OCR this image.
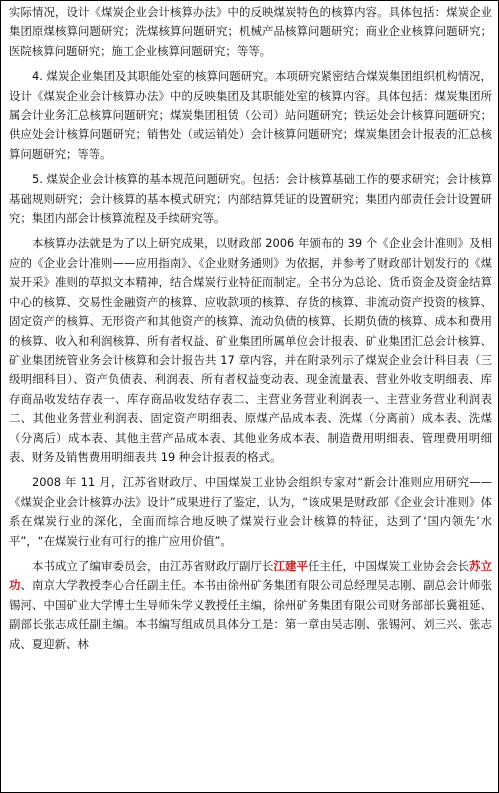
实际情况，设计《煤炭企业会计核算办法》中的反映煤炭特色的核算内容。具体包括：煤炭企业集团原煤核算问题研究；洗煤核算问题研究；机械产品核算问题研究；商业企业核算问题研究；医院核算问题研究；施工企业核算问题研究；等等。

4. 煤炭企业集团及其职能处室的核算问题研究。本项研究紧密结合煤炭集团组织机构情况，设计《煤炭企业会计核算办法》中的反映集团及其职能处室的核算内容。具体包括：煤炭集团所属会计业务汇总核算问题研究；煤炭集团租赁（公司）站问题研究；铁运处会计核算问题研究；供应处会计核算问题研究；销售处（或运销处）会计核算问题研究；煤炭集团会计报表的汇总核算问题研究；等等。

5. 煤炭企业会计核算的基本规范问题研究。包括：会计核算基础工作的要求研究；会计核算基础规则研究；会计核算的基本模式研究；内部结算凭证的设置研究；集团内部责任会计设置研究；集团内部会计核算流程及手续研究等。

本核算办法就是为了以上研究成果，以财政部 2006 年颁布的 39 个《企业会计准则》及相应的《企业会计准则——应用指南》、《企业财务通则》为依据，并参考了财政部计划发行的《煤炭开采》准则的草拟文本精神，结合煤炭行业特征而制定。全书分为总论、货币资金及资金结算中心的核算、交易性金融资产的核算、应收款项的核算、存货的核算、非流动资产投资的核算、固定资产的核算、无形资产和其他资产的核算、流动负债的核算、长期负债的核算、成本和费用的核算、收入和利润核算、所有者权益、矿业集团所属单位会计报表、矿业集团汇总会计核算、矿业集团统管业务会计核算和会计报告共 17 章内容，并在附录列示了煤炭企业会计科目表（三级明细科目）、资产负债表、利润表、所有者权益变动表、现金流量表、营业外收支明细表、库存商品收发结存表一、库存商品收发结存表二、主营业务营业利润表一、主营业务营业利润表二、其他业务营业利润表、固定资产明细表、原煤产品成本表、洗煤（分离前）成本表、洗煤（分离后）成本表、其他主营产品成本表、其他业务成本表、制造费用明细表、管理费用明细表、财务及销售费用明细表共 19 种会计报表的格式。

2008 年 11 月，江苏省财政厅、中国煤炭工业协会组织专家对“新会计准则应用研究——《煤炭企业会计核算办法》设计”成果进行了鉴定，认为，“该成果是财政部《企业会计准则》体系在煤炭行业的深化，全面而综合地反映了煤炭行业会计核算的特征，达到了‘国内领先’水平”，“在煤炭行业有可行的推广应用价值”。

本书成立了编审委员会，由江苏省财政厅副厅长江建平任主任，中国煤炭工业协会会长苏立功、南京大学教授李心合任副主任。本书由徐州矿务集团有限公司总经理吴志刚、副总会计师张锡河、中国矿业大学博士生导师朱学义教授任主编，徐州矿务集团有限公司财务部部长冀祖延、副部长张志成任副主编。本书编写组成员具体分工是：第一章由吴志刚、张锡河、刘三兴、张志成、夏迎新、林
